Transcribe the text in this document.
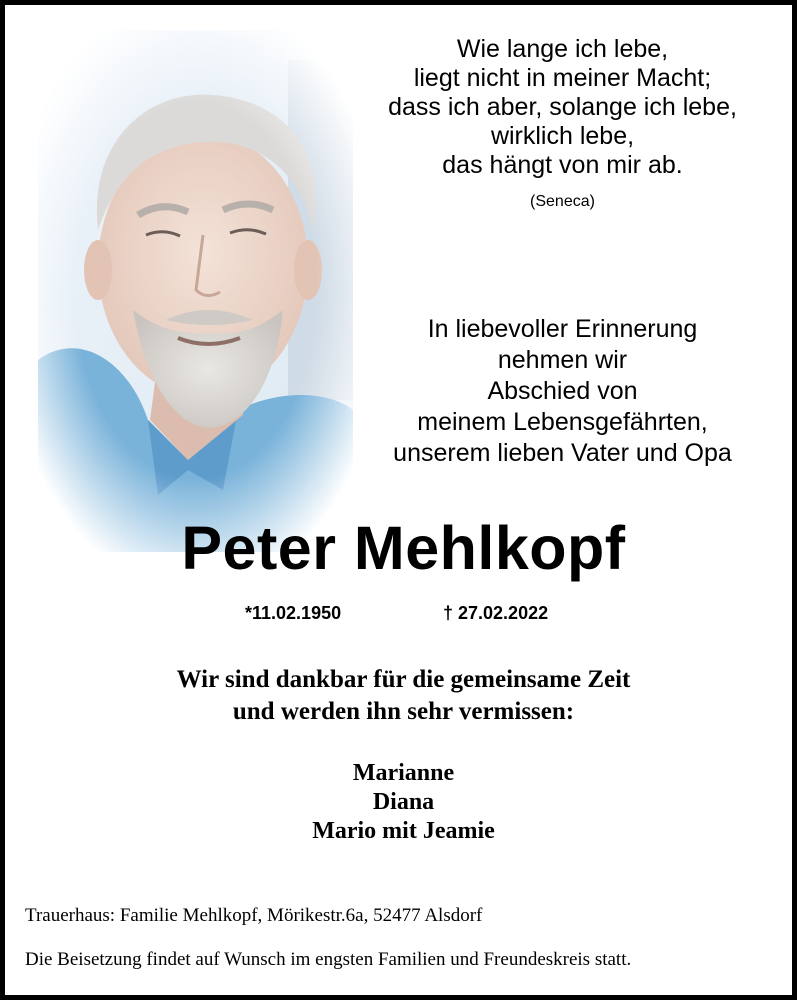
Wie lange ich lebe,
liegt nicht in meiner Macht;
dass ich aber, solange ich lebe,
wirklich lebe,
das hängt von mir ab.
(Seneca)
In liebevoller Erinnerung
nehmen wir
Abschied von
meinem Lebensgefährten,
unserem lieben Vater und Opa
Peter Mehlkopf
*11.02.1950	† 27.02.2022
Wir sind dankbar für die gemeinsame Zeit
und werden ihn sehr vermissen:
Marianne
Diana
Mario mit Jeamie
Trauerhaus: Familie Mehlkopf, Mörikestr.6a, 52477 Alsdorf
Die Beisetzung findet auf Wunsch im engsten Familien und Freundeskreis statt.
